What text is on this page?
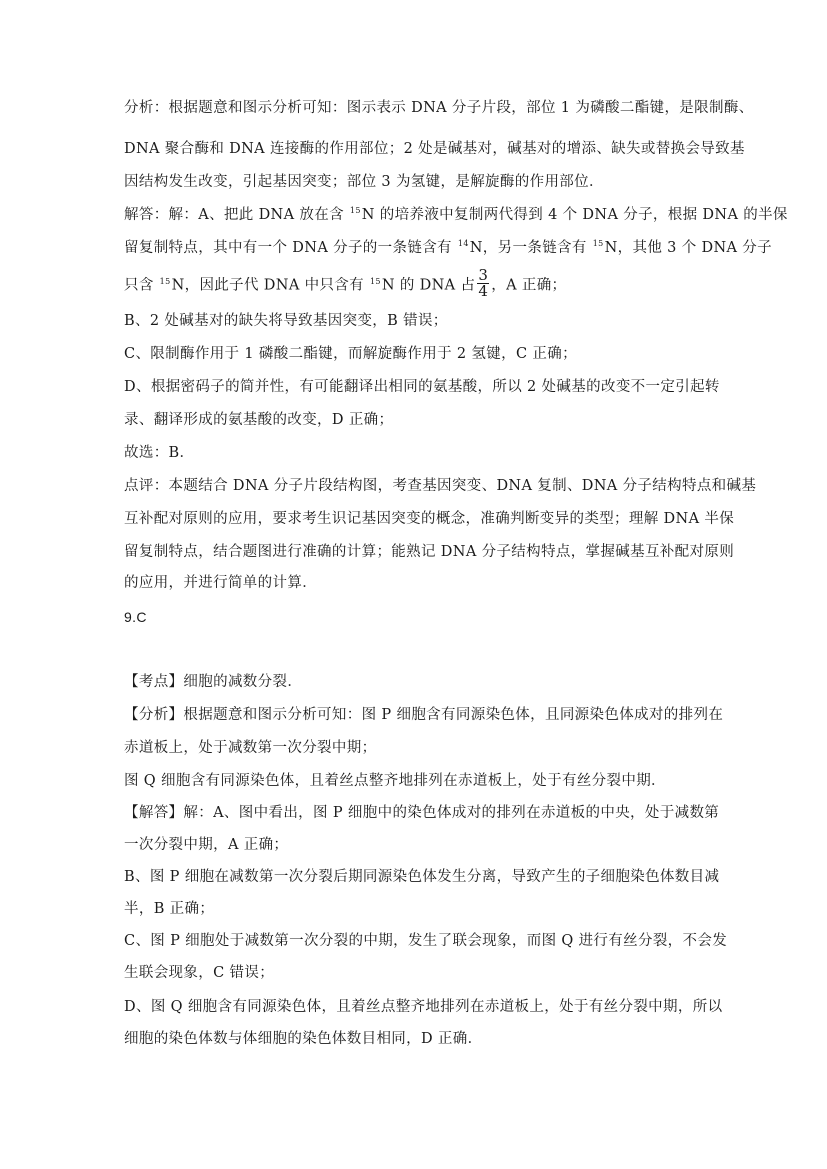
分析：根据题意和图示分析可知：图示表示 DNA 分子片段，部位 1 为磷酸二酯键，是限制酶、
DNA 聚合酶和 DNA 连接酶的作用部位；2 处是碱基对，碱基对的增添、缺失或替换会导致基
因结构发生改变，引起基因突变；部位 3 为氢键，是解旋酶的作用部位．
解答：解：A、把此 DNA 放在含 $^{15}$N 的培养液中复制两代得到 4 个 DNA 分子，根据 DNA 的半保
留复制特点，其中有一个 DNA 分子的一条链含有 $^{14}$N，另一条链含有 $^{15}$N，其他 3 个 DNA 分子
只含 $^{15}$N，因此子代 DNA 中只含有 $^{15}$N 的 DNA 占 $\frac{3}{4}$ ，A 正确；
B、2 处碱基对的缺失将导致基因突变，B 错误；
C、限制酶作用于 1 磷酸二酯键，而解旋酶作用于 2 氢键，C 正确；
D、根据密码子的简并性，有可能翻译出相同的氨基酸，所以 2 处碱基的改变不一定引起转
录、翻译形成的氨基酸的改变，D 正确；
故选：B．
点评：本题结合 DNA 分子片段结构图，考查基因突变、DNA 复制、DNA 分子结构特点和碱基
互补配对原则的应用，要求考生识记基因突变的概念，准确判断变异的类型；理解 DNA 半保
留复制特点，结合题图进行准确的计算；能熟记 DNA 分子结构特点，掌握碱基互补配对原则
的应用，并进行简单的计算．
9.C
【考点】细胞的减数分裂．
【分析】根据题意和图示分析可知：图 P 细胞含有同源染色体，且同源染色体成对的排列在
赤道板上，处于减数第一次分裂中期；
图 Q 细胞含有同源染色体，且着丝点整齐地排列在赤道板上，处于有丝分裂中期．
【解答】解：A、图中看出，图 P 细胞中的染色体成对的排列在赤道板的中央，处于减数第
一次分裂中期，A 正确；
B、图 P 细胞在减数第一次分裂后期同源染色体发生分离，导致产生的子细胞染色体数目减
半，B 正确；
C、图 P 细胞处于减数第一次分裂的中期，发生了联会现象，而图 Q 进行有丝分裂，不会发
生联会现象，C 错误；
D、图 Q 细胞含有同源染色体，且着丝点整齐地排列在赤道板上，处于有丝分裂中期，所以
细胞的染色体数与体细胞的染色体数目相同，D 正确．
